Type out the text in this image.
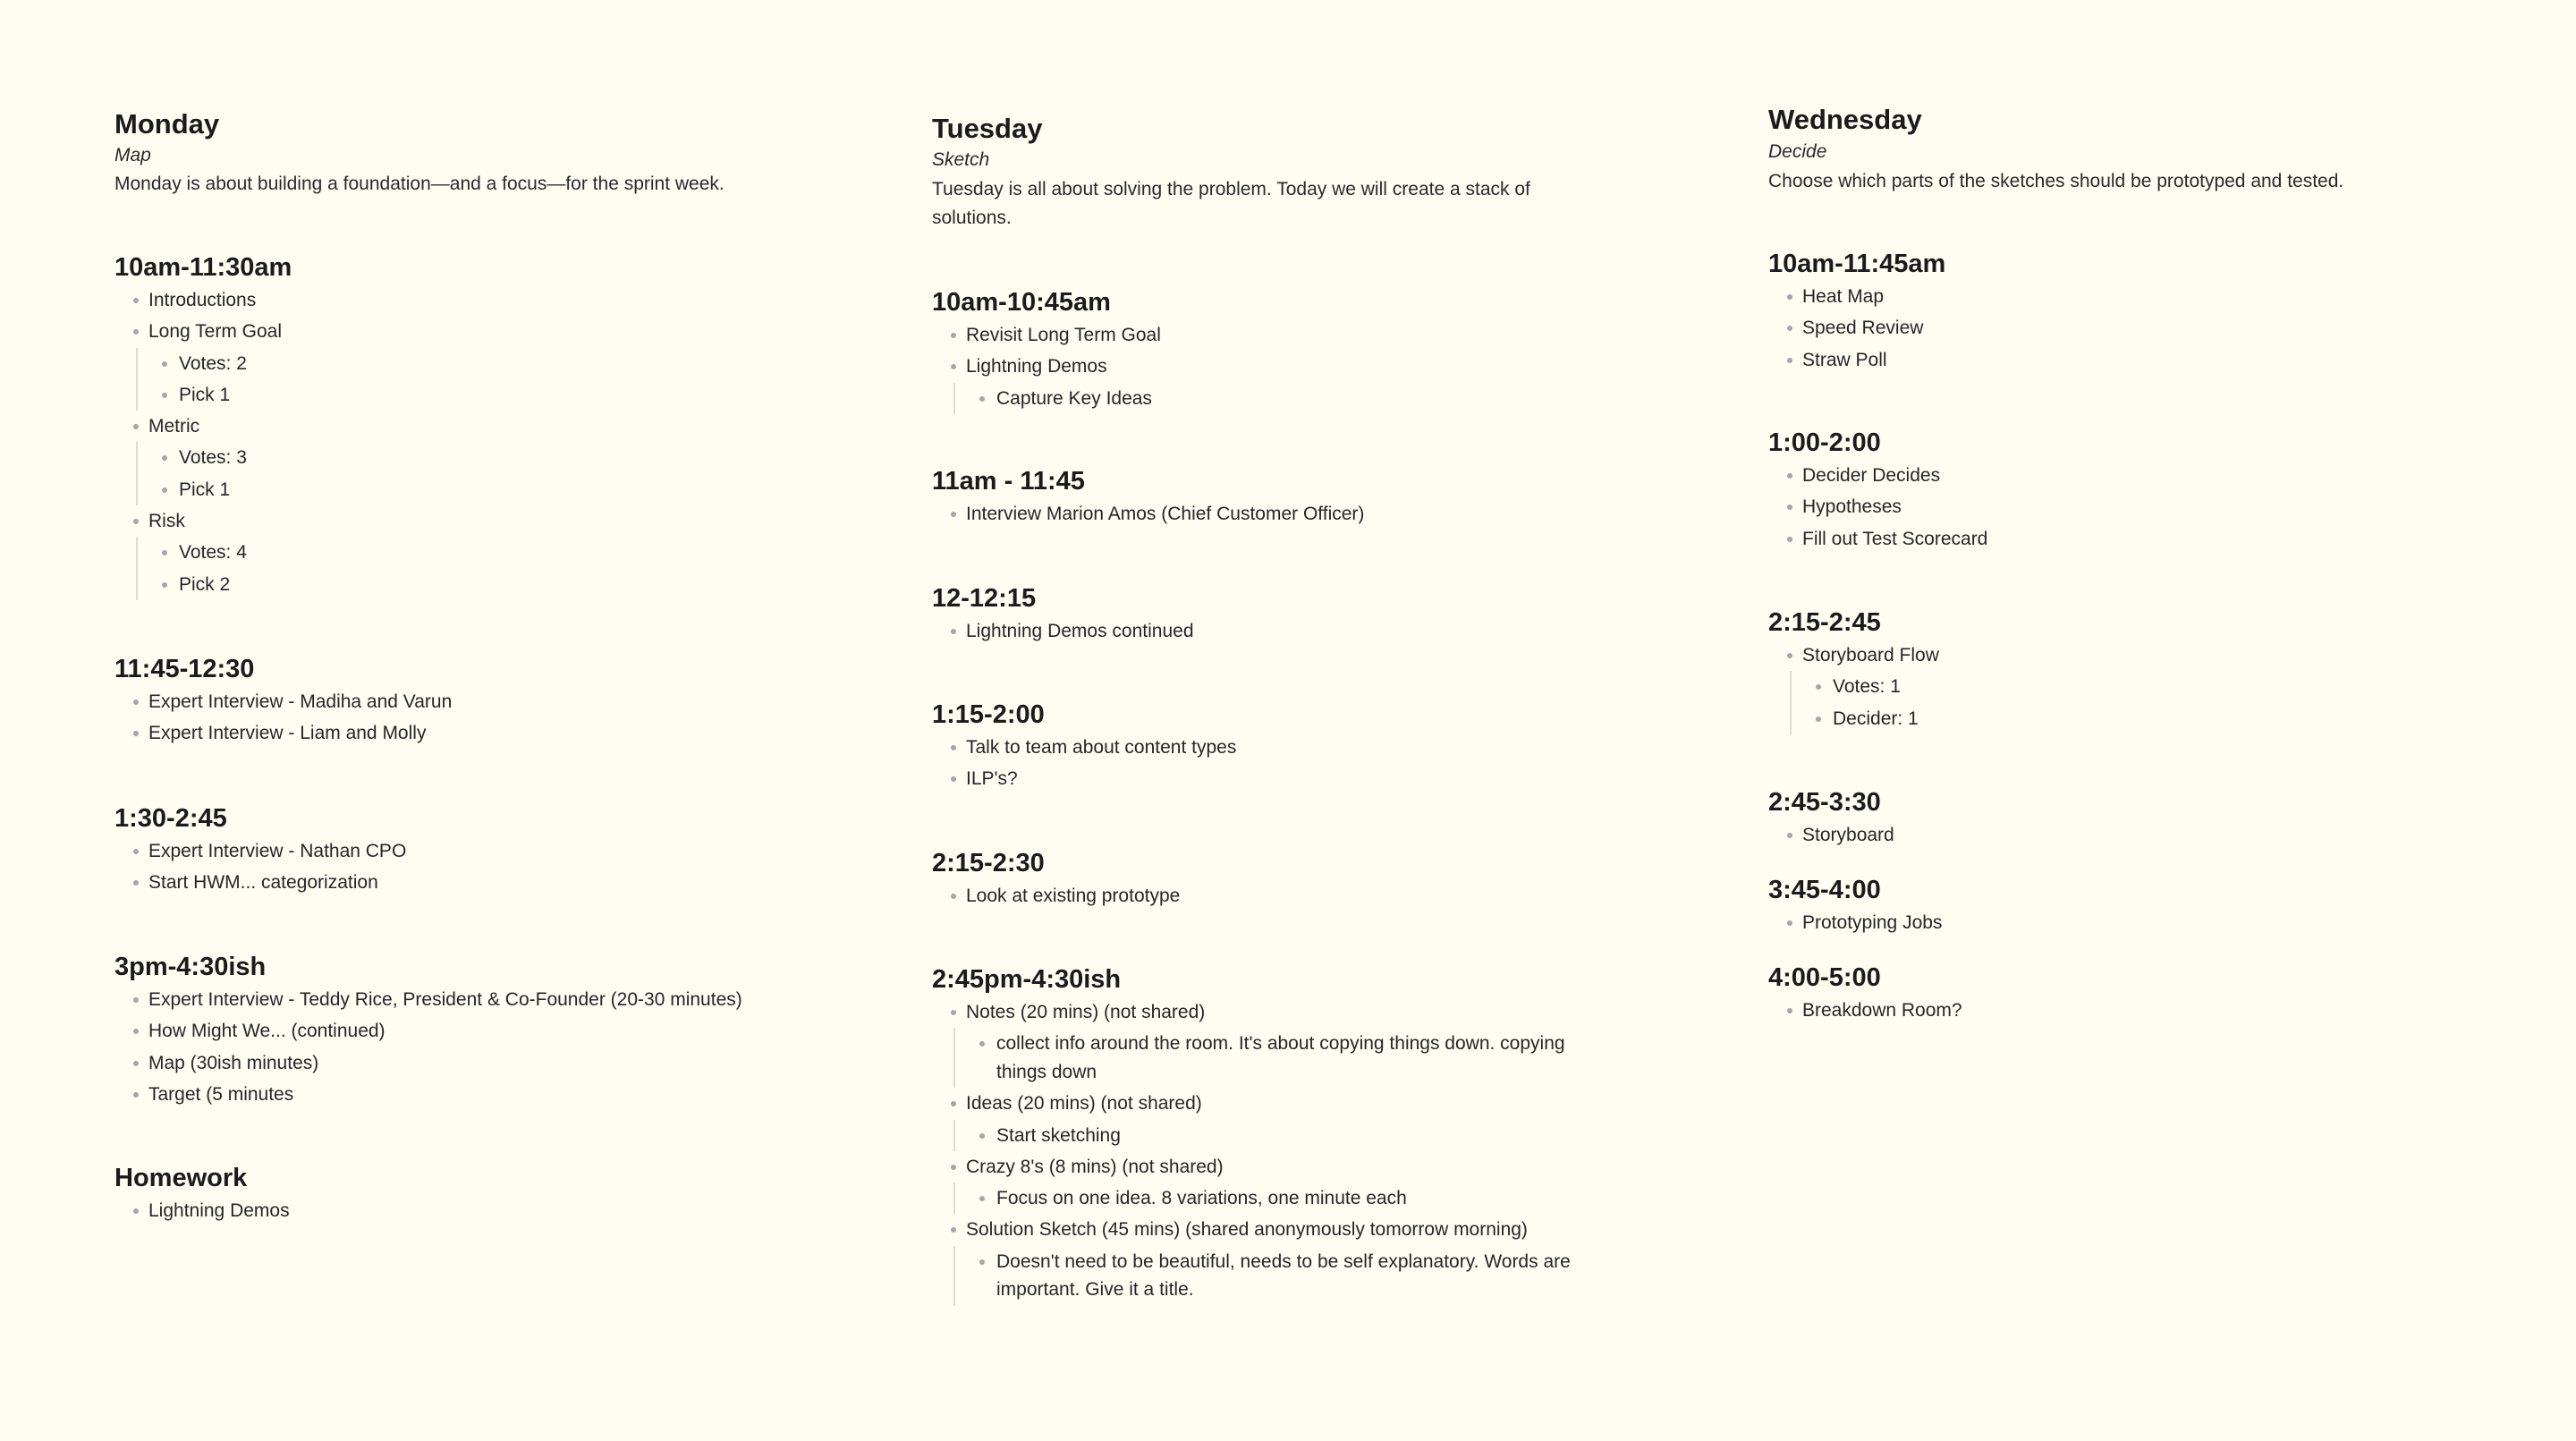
Monday
Map
Monday is about building a foundation—and a focus—for the sprint week.
10am-11:30am
Introductions
Long Term Goal
Votes: 2
Pick 1
Metric
Votes: 3
Pick 1
Risk
Votes: 4
Pick 2
11:45-12:30
Expert Interview - Madiha and Varun
Expert Interview - Liam and Molly
1:30-2:45
Expert Interview - Nathan CPO
Start HWM... categorization
3pm-4:30ish
Expert Interview - Teddy Rice, President & Co-Founder (20-30 minutes)
How Might We... (continued)
Map (30ish minutes)
Target (5 minutes
Homework
Lightning Demos
Tuesday
Sketch
Tuesday is all about solving the problem. Today we will create a stack of solutions.
10am-10:45am
Revisit Long Term Goal
Lightning Demos
Capture Key Ideas
11am - 11:45
Interview Marion Amos (Chief Customer Officer)
12-12:15
Lightning Demos continued
1:15-2:00
Talk to team about content types
ILP's?
2:15-2:30
Look at existing prototype
2:45pm-4:30ish
Notes (20 mins) (not shared)
collect info around the room. It's about copying things down. copying things down
Ideas (20 mins) (not shared)
Start sketching
Crazy 8's (8 mins) (not shared)
Focus on one idea. 8 variations, one minute each
Solution Sketch (45 mins) (shared anonymously tomorrow morning)
Doesn't need to be beautiful, needs to be self explanatory. Words are important. Give it a title.
Wednesday
Decide
Choose which parts of the sketches should be prototyped and tested.
10am-11:45am
Heat Map
Speed Review
Straw Poll
1:00-2:00
Decider Decides
Hypotheses
Fill out Test Scorecard
2:15-2:45
Storyboard Flow
Votes: 1
Decider: 1
2:45-3:30
Storyboard
3:45-4:00
Prototyping Jobs
4:00-5:00
Breakdown Room?
